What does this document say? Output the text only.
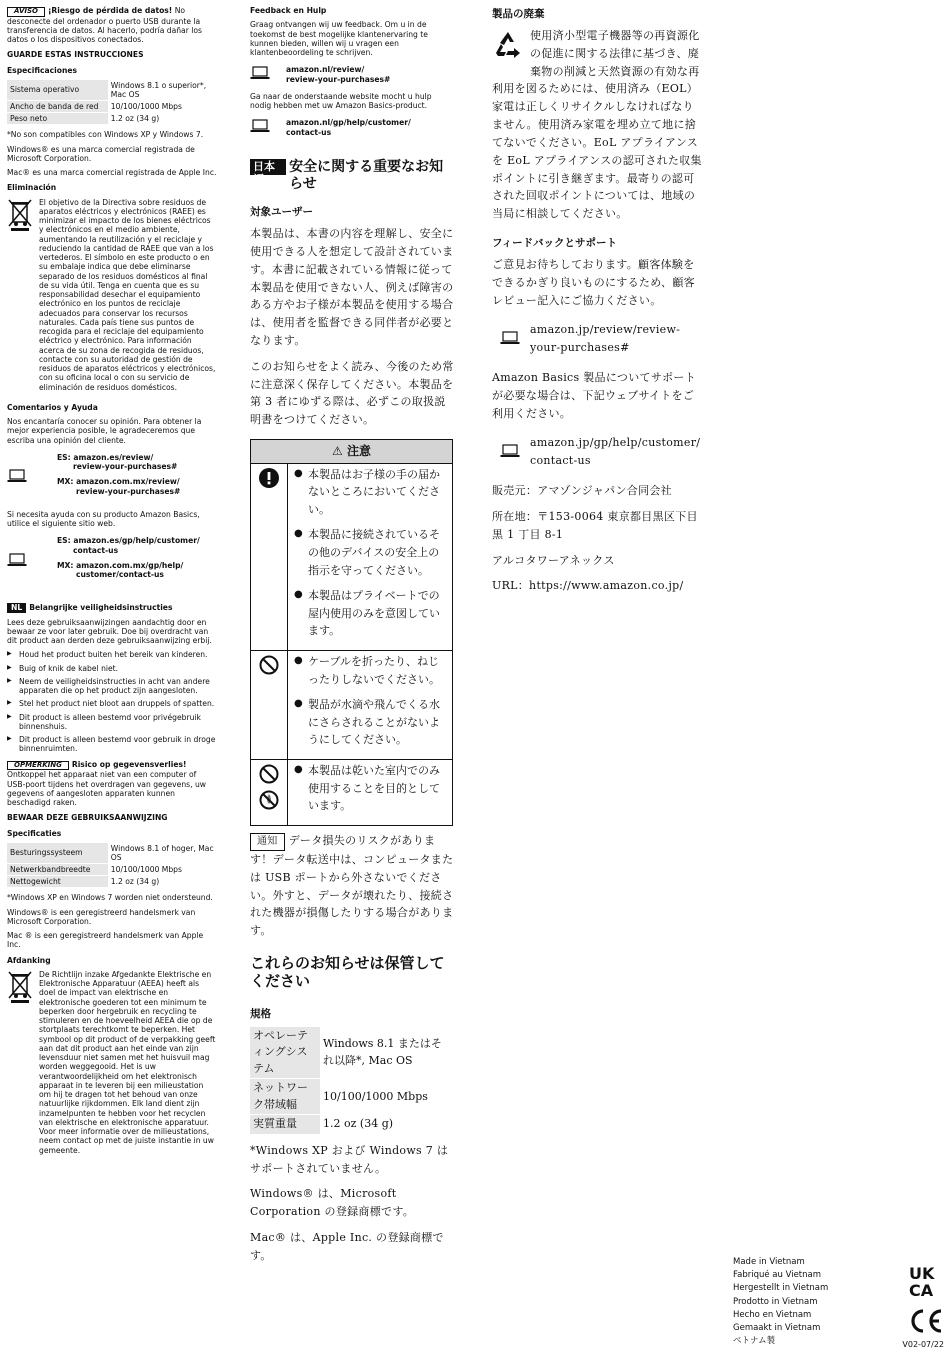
AVISO ¡Riesgo de pérdida de datos! No desconecte del ordenador o puerto USB durante la transferencia de datos. Al hacerlo, podría dañar los datos o los dispositivos conectados.

GUARDE ESTAS INSTRUCCIONES
Especificaciones
Sistema operativo	Windows 8.1 o superior*, Mac OS
Ancho de banda de red	10/100/1000 Mbps
Peso neto	1.2 oz (34 g)

*No son compatibles con Windows XP y Windows 7.

Windows® es una marca comercial registrada de Microsoft Corporation.

Mac® es una marca comercial registrada de Apple Inc.

Eliminación

El objetivo de la Directiva sobre residuos de aparatos eléctricos y electrónicos (RAEE) es minimizar el impacto de los bienes eléctricos y electrónicos en el medio ambiente, aumentando la reutilización y el reciclaje y reduciendo la cantidad de RAEE que van a los vertederos. El símbolo en este producto o en su embalaje indica que debe eliminarse separado de los residuos domésticos al final de su vida útil. Tenga en cuenta que es su responsabilidad desechar el equipamiento electrónico en los puntos de reciclaje adecuados para conservar los recursos naturales. Cada país tiene sus puntos de recogida para el reciclaje del equipamiento eléctrico y electrónico. Para información acerca de su zona de recogida de residuos, contacte con su autoridad de gestión de residuos de aparatos eléctricos y electrónicos, con su oficina local o con su servicio de eliminación de residuos domésticos.

Comentarios y Ayuda

Nos encantaría conocer su opinión. Para obtener la mejor experiencia posible, le agradeceremos que escriba una opinión del cliente.

ES: amazon.es/review/
review-your-purchases#
MX: amazon.com.mx/review/
review-your-purchases#

Si necesita ayuda con su producto Amazon Basics, utilice el siguiente sitio web.

ES: amazon.es/gp/help/customer/
contact-us
MX: amazon.com.mx/gp/help/
customer/contact-us
NL Belangrijke veiligheidsinstructies

Lees deze gebruiksaanwijzingen aandachtig door en bewaar ze voor later gebruik. Doe bij overdracht van dit product aan derden deze gebruiksaanwijzing erbij.

▶ Houd het product buiten het bereik van kinderen.
▶ Buig of knik de kabel niet.
▶ Neem de veiligheidsinstructies in acht van andere apparaten die op het product zijn aangesloten.
▶ Stel het product niet bloot aan druppels of spatten.
▶ Dit product is alleen bestemd voor privégebruik binnenshuis.
▶ Dit product is alleen bestemd voor gebruik in droge binnenruimten.

OPMERKING Risico op gegevensverlies!
Ontkoppel het apparaat niet van een computer of USB-poort tijdens het overdragen van gegevens, uw gegevens of aangesloten apparaten kunnen beschadigd raken.

BEWAAR DEZE GEBRUIKSAANWIJZING
Specificaties
Besturingssysteem	Windows 8.1 of hoger, Mac OS
Netwerkbandbreedte	10/100/1000 Mbps
Nettogewicht	1.2 oz (34 g)

*Windows XP en Windows 7 worden niet ondersteund.

Windows® is een geregistreerd handelsmerk van Microsoft Corporation.

Mac ® is een geregistreerd handelsmerk van Apple Inc.

Afdanking

De Richtlijn inzake Afgedankte Elektrische en Elektronische Apparatuur (AEEA) heeft als doel de impact van elektrische en elektronische goederen tot een minimum te beperken door hergebruik en recycling te stimuleren en de hoeveelheid AEEA die op de stortplaats terechtkomt te beperken. Het symbool op dit product of de verpakking geeft aan dat dit product aan het einde van zijn levensduur niet samen met het huisvuil mag worden weggegooid. Het is uw verantwoordelijkheid om het elektronisch apparaat in te leveren bij een milieustation om hij te dragen tot het behoud van onze natuurlijke rijkdommen. Elk land dient zijn inzamelpunten te hebben voor het recyclen van elektrische en elektronische apparatuur. Voor meer informatie over de milieustations, neem contact op met de juiste instantie in uw gemeente.

Feedback en Hulp

Graag ontvangen wij uw feedback. Om u in de toekomst de best mogelijke klantenervaring te kunnen bieden, willen wij u vragen een klantenbeoordeling te schrijven.

amazon.nl/review/
review-your-purchases#

Ga naar de onderstaande website mocht u hulp nodig hebben met uw Amazon Basics-product.

amazon.nl/gp/help/customer/
contact-us
日本語
安全に関する重要なお知らせ
対象ユーザー

本製品は、本書の内容を理解し、安全に使用できる人を想定して設計されています。本書に記載されている情報に従って本製品を使用できない人、例えば障害のある方やお子様が本製品を使用する場合は、使用者を監督できる同伴者が必要となります。

このお知らせをよく読み、今後のため常に注意深く保存してください。本製品を第 3 者にゆずる際は、必ずこの取扱説明書をつけてください。

⚠ 注意
● 本製品はお子様の手の届かないところにおいてください。
● 本製品に接続されているその他のデバイスの安全上の指示を守ってください。
● 本製品はプライベートでの屋内使用のみを意図しています。
● ケーブルを折ったり、ねじったりしないでください。
● 製品が水滴や飛んでくる水にさらされることがないようにしてください。
● 本製品は乾いた室内でのみ使用することを目的としています。

通知 データ損失のリスクがあります！データ転送中は、コンピュータまたは USB ポートから外さないでください。外すと、データが壊れたり、接続された機器が損傷したりする場合があります。

これらのお知らせは保管してください
規格
オペレーティングシステム	Windows 8.1 またはそれ以降*, Mac OS
ネットワーク帯域幅	10/100/1000 Mbps
実質重量	1.2 oz (34 g)

*Windows XP および Windows 7 はサポートされていません。

Windows® は、Microsoft Corporation の登録商標です。

Mac® は、Apple Inc. の登録商標です。

製品の廃棄
使用済小型電子機器等の再資源化の促進に関する法律に基づき、廃棄物の削減と天然資源の有効な再利用を図るためには、使用済み（EOL） 家電は正しくリサイクルしなければなりません。使用済み家電を埋め立て地に捨てないでください。EoL アプライアンスを EoL アプライアンスの認可された収集ポイントに引き継ぎます。最寄りの認可された回収ポイントについては、地域の当局に相談してください。
フィードバックとサポート

ご意見お待ちしております。顧客体験をできるかぎり良いものにするため、顧客レビュー記入にご協力ください。

amazon.jp/review/review-
your-purchases#

Amazon Basics 製品についてサポートが必要な場合は、下記ウェブサイトをご利用ください。

amazon.jp/gp/help/customer/
contact-us

販売元：アマゾンジャパン合同会社

所在地：〒153-0064 東京都目黒区下目黒 1 丁目 8-1

アルコタワーアネックス

URL：https://www.amazon.co.jp/

Made in Vietnam
Fabriqué au Vietnam
Hergestellt in Vietnam
Prodotto in Vietnam
Hecho en Vietnam
Gemaakt in Vietnam
ベトナム製
UK
CA
V02-07/22
